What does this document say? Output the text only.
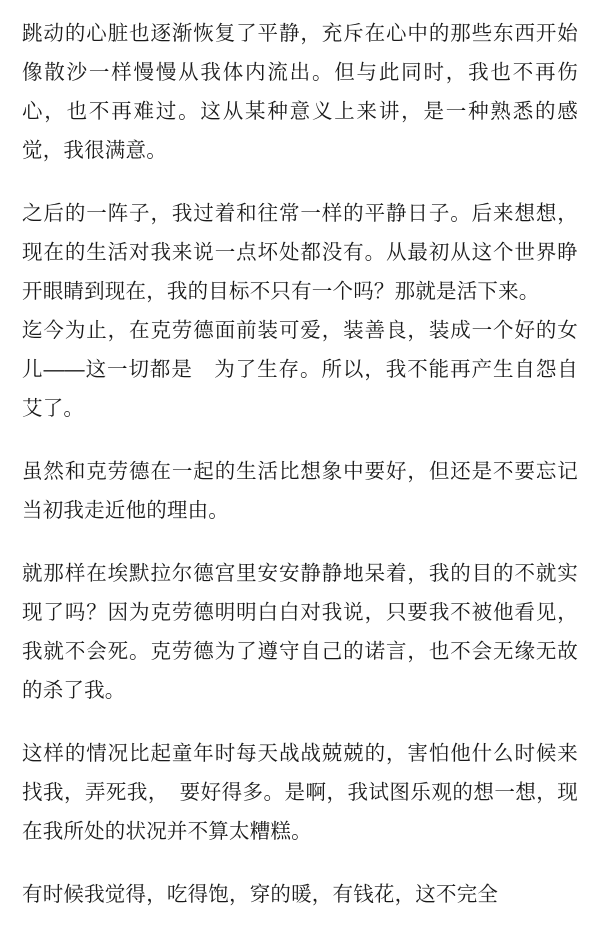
跳动的心脏也逐渐恢复了平静，充斥在心中的那些东西开始像散沙一样慢慢从我体内流出。但与此同时，我也不再伤心，也不再难过。这从某种意义上来讲，是一种熟悉的感觉，我很满意。

之后的一阵子，我过着和往常一样的平静日子。后来想想，现在的生活对我来说一点坏处都没有。从最初从这个世界睁开眼睛到现在，我的目标不只有一个吗？那就是活下来。

迄今为止，在克劳德面前装可爱，装善良，装成一个好的女儿——这一切都是　为了生存。所以，我不能再产生自怨自艾了。

虽然和克劳德在一起的生活比想象中要好，但还是不要忘记当初我走近他的理由。

就那样在埃默拉尔德宫里安安静静地呆着，我的目的不就实现了吗？因为克劳德明明白白对我说，只要我不被他看见，我就不会死。克劳德为了遵守自己的诺言，也不会无缘无故的杀了我。

这样的情况比起童年时每天战战兢兢的，害怕他什么时候来找我，弄死我，　要好得多。是啊，我试图乐观的想一想，现在我所处的状况并不算太糟糕。

有时候我觉得，吃得饱，穿的暖，有钱花，这不完全
